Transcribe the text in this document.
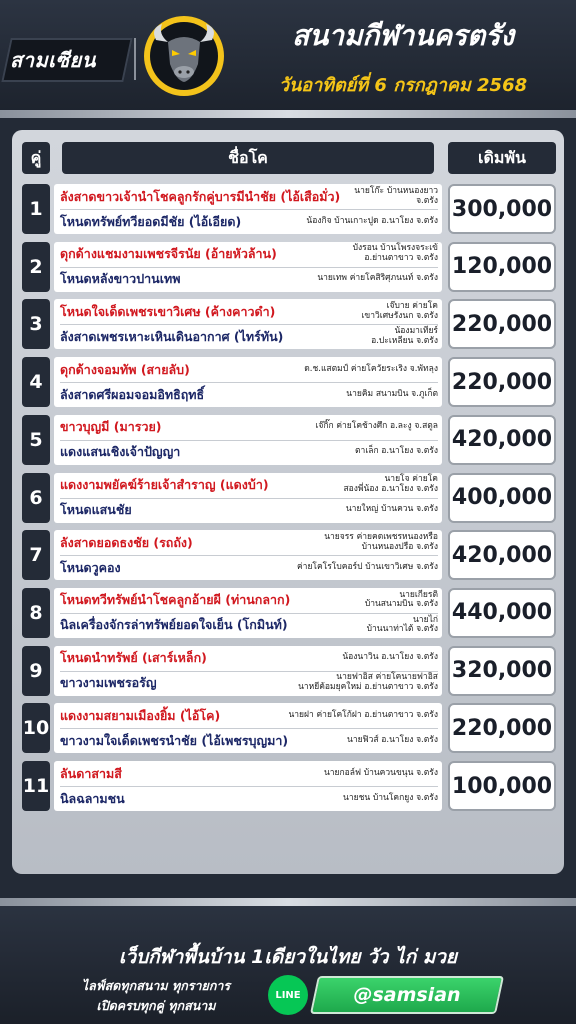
สามเซียน
สนามกีฬานครตรัง
วันอาทิตย์ที่ 6 กรกฎาคม 2568
คู่	ชื่อโค	เดิมพัน
1
ลังสาดขาวเจ้านำโชคลูกรักคู่บารมีนำชัย (ไอ้เสือมั่ว)	นายโก๊ะ บ้านหนองยาว จ.ตรัง
โหนดทรัพย์ทวียอดมีชัย (ไอ้เอียด)	น้องกิจ บ้านเกาะปูด อ.นาโยง จ.ตรัง 300,000
2
ดุกด้างแชมงามเพชรจีรนัย (อ้ายหัวล้าน)	บังรอน บ้านโพรงจระเข้
อ.ย่านตาขาว จ.ตรัง
โหนดหลังขาวปานเทพ	นายเทพ ค่ายโคสิริศุภนนท์ จ.ตรัง 120,000
3
โหนดใจเด็ดเพชรเขาวิเศษ (ค้างคาวดำ)	เจ๊บาย ค่ายโค
เขาวิเศษรังนก จ.ตรัง
ลังสาดเพชรเหาะเหินเดินอากาศ (ไทร์ทัน)	น้องมาเทียร์
อ.ปะเหลียน จ.ตรัง
220,000
4
ดุกด้างจอมทัพ (สายลับ)	ด.ช.แสตมป์ ค่ายโควัยระเริง จ.พัทลุง
ลังสาดศรีผอมจอมอิทธิฤทธิ์	นายคิม สนามบิน จ.ภูเก็ต 220,000
5
ขาวบุญมี (มารวย)	เจ๊กิ๊ก ค่ายโคช้างศึก อ.ละงู จ.สตูล
แดงแสนเชิงเจ้าปัญญา	ตาเล็ก อ.นาโยง จ.ตรัง 420,000
6
แดงงามพยัคฆ์ร้ายเจ้าสำราญ (แดงบ้า)	นายโจ ค่ายโค
สองพี่น้อง อ.นาโยง จ.ตรัง
โหนดแสนชัย	นายใหญ่ บ้านควน จ.ตรัง 400,000
7
ลังสาดยอดธงชัย (รถถัง)	นายจรร ค่ายคดเพชรหนองหรือ
บ้านหนองปรือ จ.ตรัง
โหนดวูคอง	ค่ายโคโรโบคอร์ป บ้านเขาวิเศษ จ.ตรัง 420,000
8
โหนดทวีทรัพย์นำโชคลูกอ้ายผี (ท่านกลาก)	นายเกียรติ
บ้านสนามบิน จ.ตรัง
นิลเครื่องจักรล่าทรัพย์ยอดใจเย็น (โกมินท์)	นายไก่
บ้านนาท่าไต้ จ.ตรัง
440,000
9
โหนดนำทรัพย์ (เสาร์เหล็ก)	น้องนาวิน อ.นาโยง จ.ตรัง
ขาวงามเพชรอรัญ	นายฟาอิส ค่ายโคนายฟาอิส
นาหยีค้อมยุคใหม่ อ.ย่านตาขาว จ.ตรัง
320,000
10
แดงงามสยามเมืองยิ้ม (ไอ้โค)	นายฝา ค่ายโคโก้ฝา อ.ย่านตาขาว จ.ตรัง
ขาวงามใจเด็ดเพชรนำชัย (ไอ้เพชรบุญมา)	นายฟิวส์ อ.นาโยง จ.ตรัง 220,000
11
ลันดาสามสี	นายกอล์ฟ บ้านควนขนุน จ.ตรัง
นิลฉลามชน	นายชน บ้านโคกยูง จ.ตรัง 100,000
เว็บกีฬาพื้นบ้าน 1เดียวในไทย วัว ไก่ มวย
ไลฟ์สดทุกสนาม ทุกรายการ
เปิดครบทุกคู่ ทุกสนาม
LINE	@samsian
